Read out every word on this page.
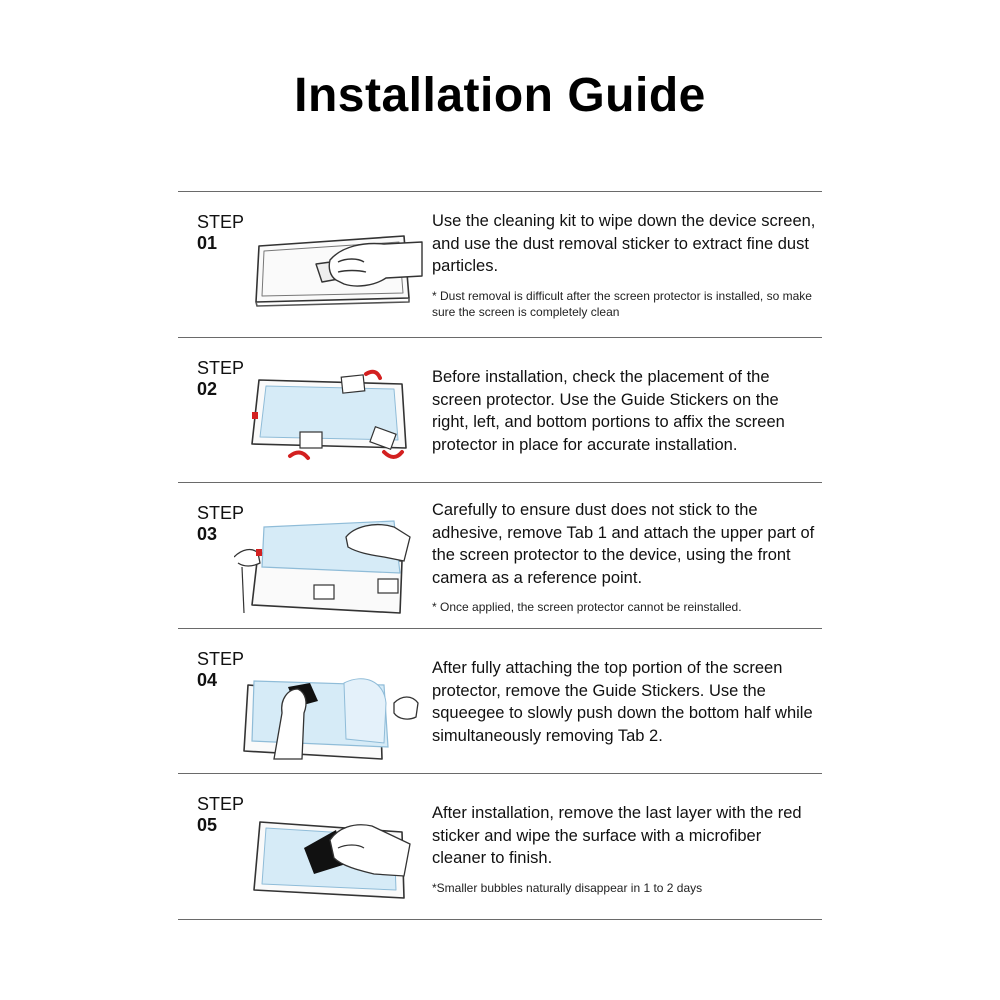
Installation Guide
STEP
01

Use the cleaning kit to wipe down the device screen, and use the dust removal sticker to extract fine dust particles.

* Dust removal is difficult after the screen protector is installed, so make sure the screen is completely clean

STEP
02

Before installation, check the placement of the screen protector. Use the Guide Stickers on the right, left, and bottom portions to affix the screen protector in place for accurate installation.

STEP
03

Carefully to ensure dust does not stick to the adhesive, remove Tab 1 and attach the upper part of the screen protector to the device, using the front camera as a reference point.

* Once applied, the screen protector cannot be reinstalled.

STEP
04

After fully attaching the top portion of the screen protector, remove the Guide Stickers. Use the squeegee to slowly push down the bottom half while simultaneously removing Tab 2.

STEP
05

After installation, remove the last layer with the red sticker and wipe the surface with a microfiber cleaner to finish.

*Smaller bubbles naturally disappear in 1 to 2 days
